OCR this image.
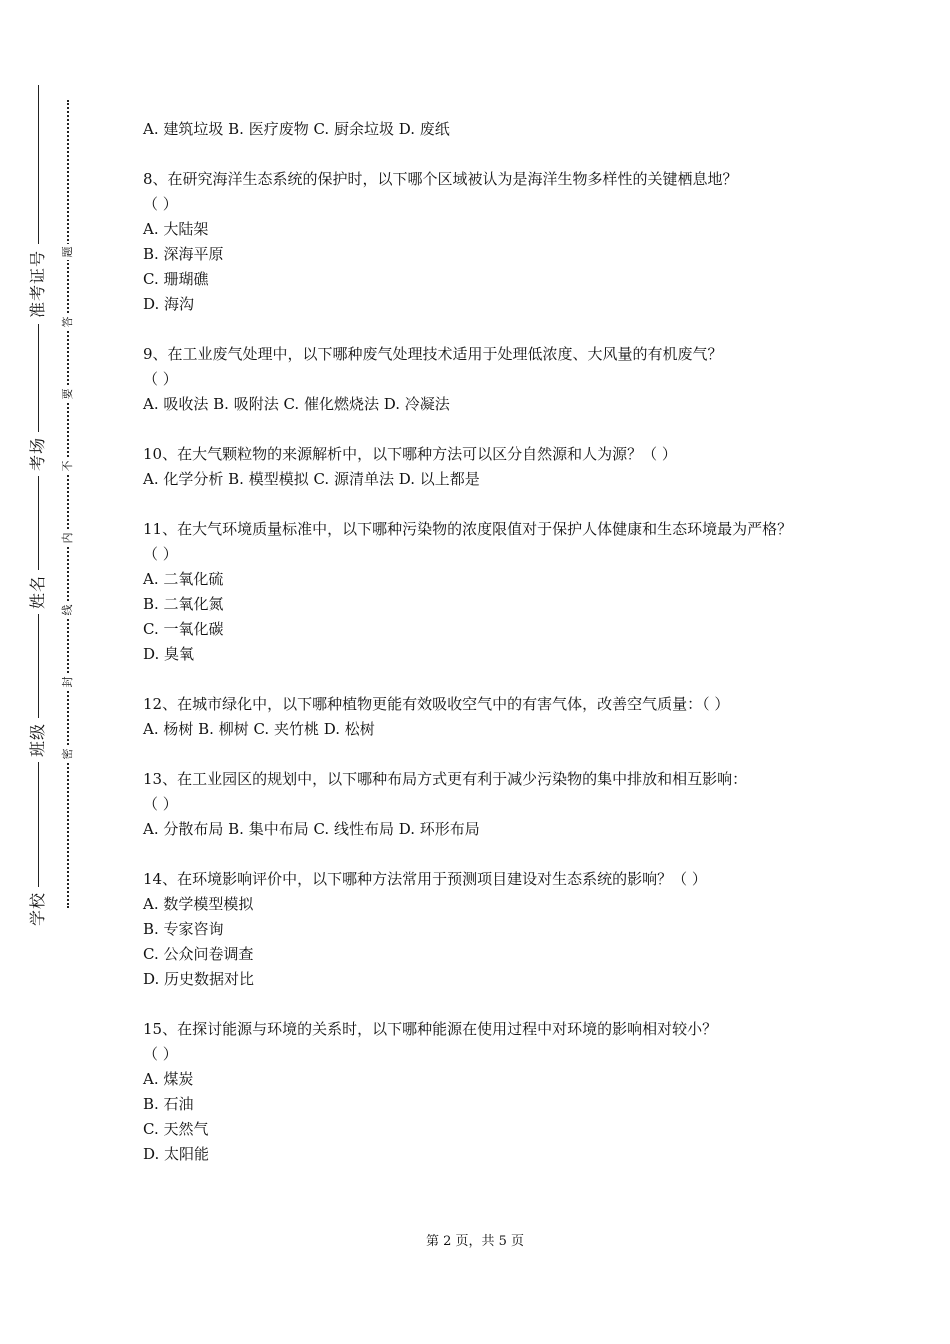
准考证号
考场
姓名
班级
学校
题
答
要
不
内
线
封
密
A. 建筑垃圾 B. 医疗废物 C. 厨余垃圾 D. 废纸
8、在研究海洋生态系统的保护时，以下哪个区域被认为是海洋生物多样性的关键栖息地？
（ ）
A. 大陆架
B. 深海平原
C. 珊瑚礁
D. 海沟
9、在工业废气处理中，以下哪种废气处理技术适用于处理低浓度、大风量的有机废气？
（ ）
A. 吸收法 B. 吸附法 C. 催化燃烧法 D. 冷凝法
10、在大气颗粒物的来源解析中，以下哪种方法可以区分自然源和人为源？（ ）
A. 化学分析 B. 模型模拟 C. 源清单法 D. 以上都是
11、在大气环境质量标准中，以下哪种污染物的浓度限值对于保护人体健康和生态环境最为严格？（ ）
A. 二氧化硫
B. 二氧化氮
C. 一氧化碳
D. 臭氧
12、在城市绿化中，以下哪种植物更能有效吸收空气中的有害气体，改善空气质量：（ ）
A. 杨树 B. 柳树 C. 夹竹桃 D. 松树
13、在工业园区的规划中，以下哪种布局方式更有利于减少污染物的集中排放和相互影响：
（ ）
A. 分散布局 B. 集中布局 C. 线性布局 D. 环形布局
14、在环境影响评价中，以下哪种方法常用于预测项目建设对生态系统的影响？（ ）
A. 数学模型模拟
B. 专家咨询
C. 公众问卷调查
D. 历史数据对比
15、在探讨能源与环境的关系时，以下哪种能源在使用过程中对环境的影响相对较小？
（ ）
A. 煤炭
B. 石油
C. 天然气
D. 太阳能
第 2 页，共 5 页
